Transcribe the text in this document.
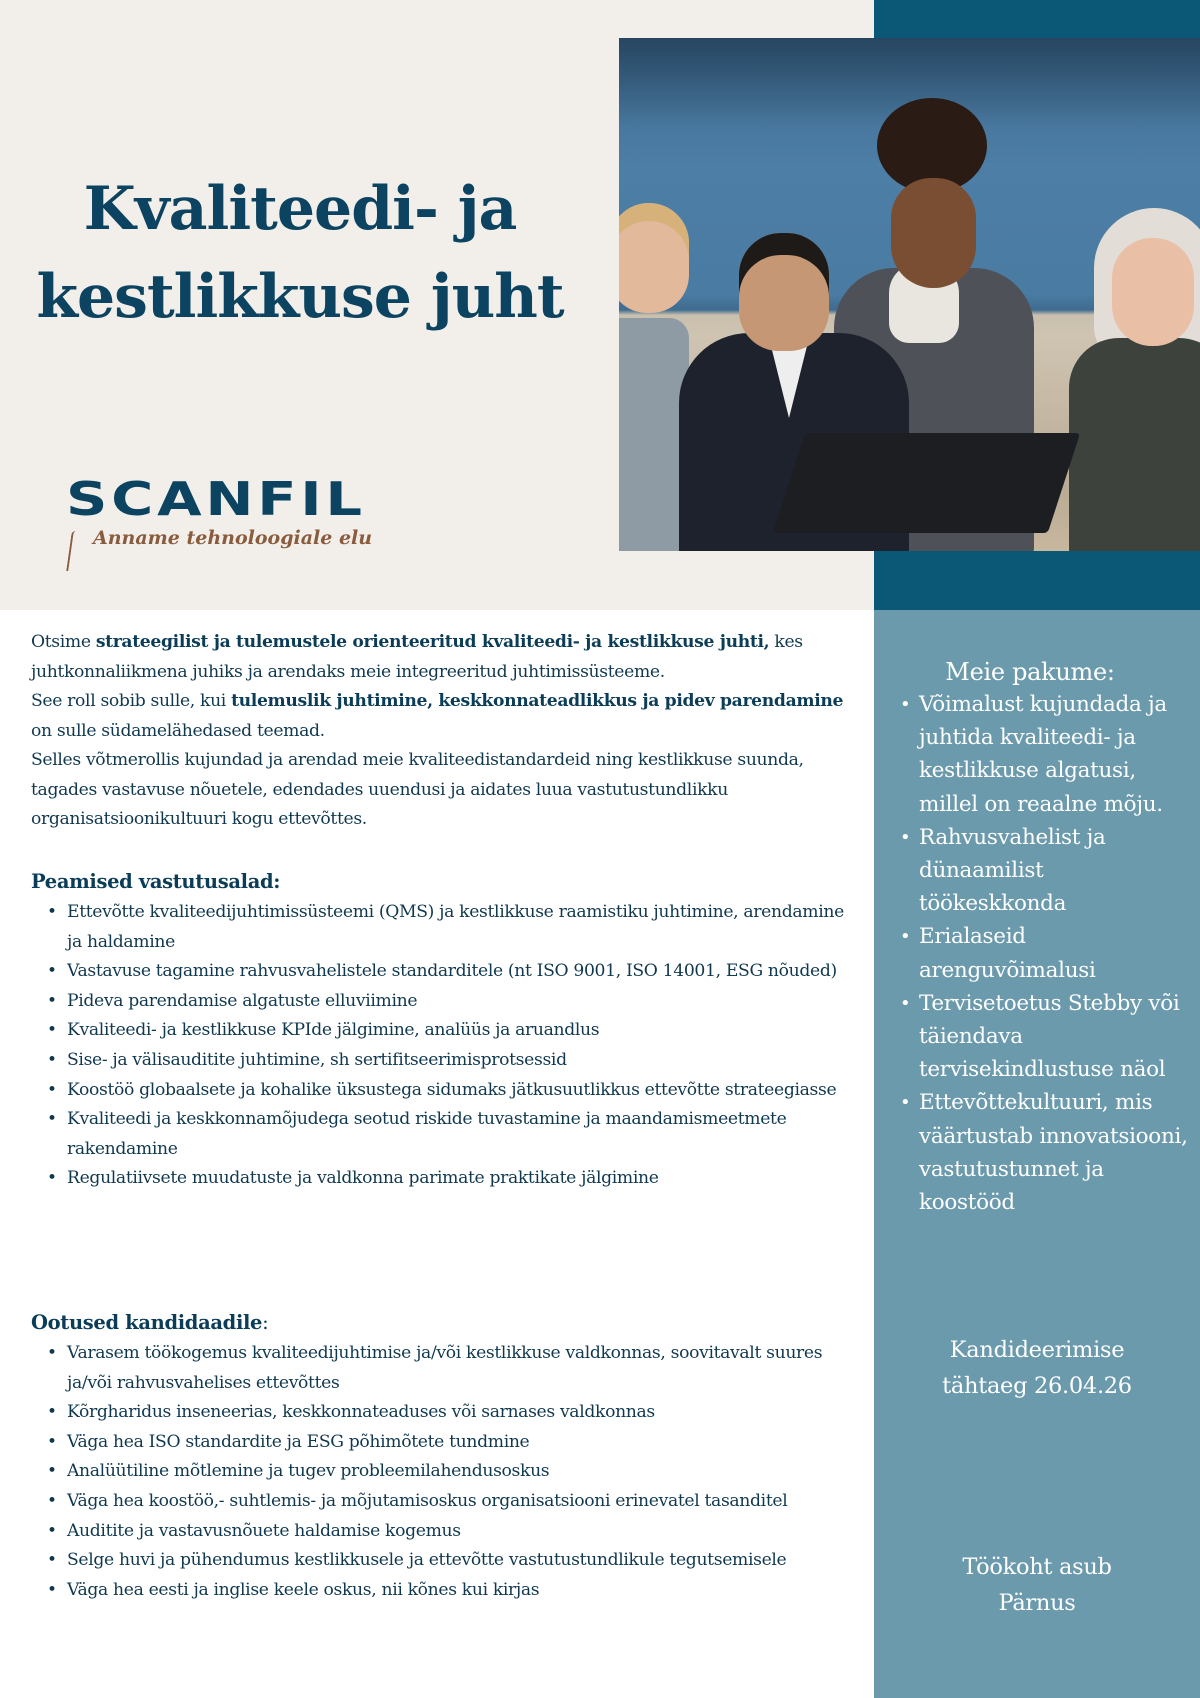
Kvaliteedi- ja
kestlikkuse juht
SCANFIL
Anname tehnoloogiale elu
Otsime strateegilist ja tulemustele orienteeritud kvaliteedi- ja kestlikkuse juhti, kes juhtkonnaliikmena juhiks ja arendaks meie integreeritud juhtimissüsteeme.
See roll sobib sulle, kui tulemuslik juhtimine, keskkonnateadlikkus ja pidev parendamine on sulle südamelähedased teemad.
Selles võtmerollis kujundad ja arendad meie kvaliteedistandardeid ning kestlikkuse suunda, tagades vastavuse nõuetele, edendades uuendusi ja aidates luua vastutustundlikku organisatsioonikultuuri kogu ettevõttes.
Peamised vastutusalad:
• Ettevõtte kvaliteedijuhtimissüsteemi (QMS) ja kestlikkuse raamistiku juhtimine, arendamine ja haldamine
• Vastavuse tagamine rahvusvahelistele standarditele (nt ISO 9001, ISO 14001, ESG nõuded)
• Pideva parendamise algatuste elluviimine
• Kvaliteedi- ja kestlikkuse KPIde jälgimine, analüüs ja aruandlus
• Sise- ja välisauditite juhtimine, sh sertifitseerimisprotsessid
• Koostöö globaalsete ja kohalike üksustega sidumaks jätkusuutlikkus ettevõtte strateegiasse
• Kvaliteedi ja keskkonnamõjudega seotud riskide tuvastamine ja maandamismeetmete rakendamine
• Regulatiivsete muudatuste ja valdkonna parimate praktikate jälgimine
Ootused kandidaadile:
• Varasem töökogemus kvaliteedijuhtimise ja/või kestlikkuse valdkonnas, soovitavalt suures ja/või rahvusvahelises ettevõttes
• Kõrgharidus inseneerias, keskkonnateaduses või sarnases valdkonnas
• Väga hea ISO standardite ja ESG põhimõtete tundmine
• Analüütiline mõtlemine ja tugev probleemilahendusoskus
• Väga hea koostöö,- suhtlemis- ja mõjutamisoskus organisatsiooni erinevatel tasanditel
• Auditite ja vastavusnõuete haldamise kogemus
• Selge huvi ja pühendumus kestlikkusele ja ettevõtte vastutustundlikule tegutsemisele
• Väga hea eesti ja inglise keele oskus, nii kõnes kui kirjas
Meie pakume:
• Võimalust kujundada ja juhtida kvaliteedi- ja kestlikkuse algatusi, millel on reaalne mõju.
• Rahvusvahelist ja dünaamilist töökeskkonda
• Erialaseid arenguvõimalusi
• Tervisetoetus Stebby või täiendava tervisekindlustuse näol
• Ettevõttekultuuri, mis väärtustab innovatsiooni, vastutustunnet ja koostööd
Kandideerimise
tähtaeg 26.04.26
Töökoht asub
Pärnus
